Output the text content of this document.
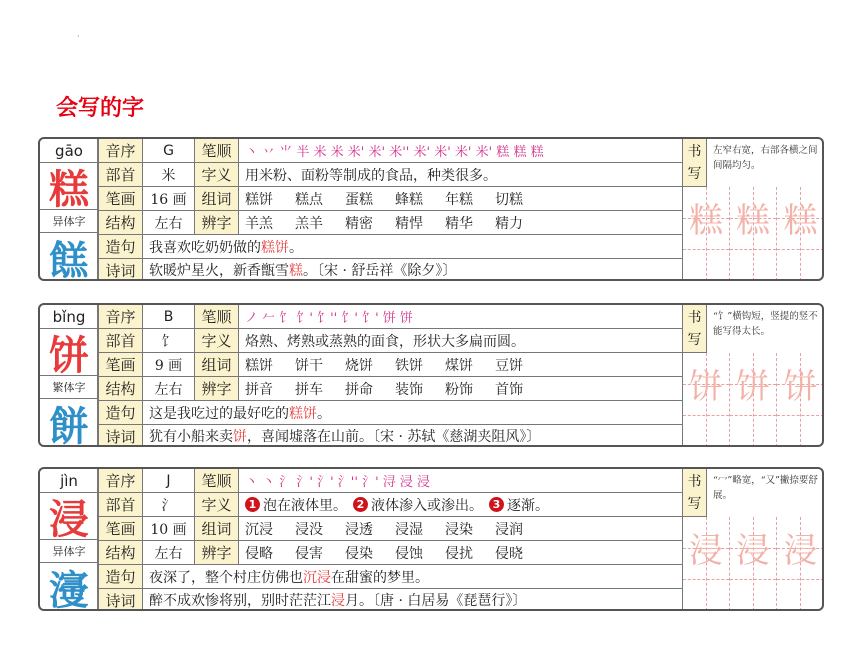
·
会写的字
gāo
糕
异体字
餻
音序	G	笔顺	丶 丷 ⺌ 半 米 米 米' 米' 米'' 米' 米' 米' 米' 糕 糕 糕
部首	米	字义 用米粉、面粉等制成的食品，种类很多。
笔画	16 画 组词 糕饼 糕点 蛋糕 蜂糕 年糕 切糕
结构	左右	辨字 羊羔 羔羊 精密 精悍 精华 精力
造句 我喜欢吃奶奶做的 糕饼 。
诗词 软暖炉星火，新香甑雪 糕 。〔宋 · 舒岳祥《除夕》〕
书
写
左窄右宽，右部各横之间间隔均匀。
糕 糕 糕
bǐng
饼
繁体字
餅
音序	B	笔顺	ノ 𠂉 饣 饣' 饣'' 饣' 饣' 饼 饼
部首	饣	字义 烙熟、烤熟或蒸熟的面食，形状大多扁而圆。
笔画	9 画	组词 糕饼 饼干 烧饼 铁饼 煤饼 豆饼
结构	左右	辨字 拼音 拼车 拼命 装饰 粉饰 首饰
造句 这是我吃过的最好吃的 糕饼 。
诗词 犹有小船来卖 饼 ，喜闻墟落在山前。〔宋 · 苏轼《慈湖夹阻风》〕
书
写
“饣”横钩短，竖提的竖不能写得太长。
饼 饼 饼
jìn
浸
异体字
濅
音序	J	笔顺	丶 丶 氵 氵' 氵' 氵'' 氵' 浔 浸 浸
部首	氵	字义	1 泡在液体里。 2 液体渗入或渗出。 3 逐渐。
笔画	10 画 组词 沉浸 浸没 浸透 浸湿 浸染 浸润
结构	左右	辨字 侵略 侵害 侵染 侵蚀 侵扰 侵晓
造句 夜深了，整个村庄仿佛也 沉浸 在甜蜜的梦里。
诗词 醉不成欢惨将别，别时茫茫江 浸 月。〔唐 · 白居易《琵琶行》〕
书
写
“冖”略宽，“又”撇捺要舒展。
浸 浸 浸
